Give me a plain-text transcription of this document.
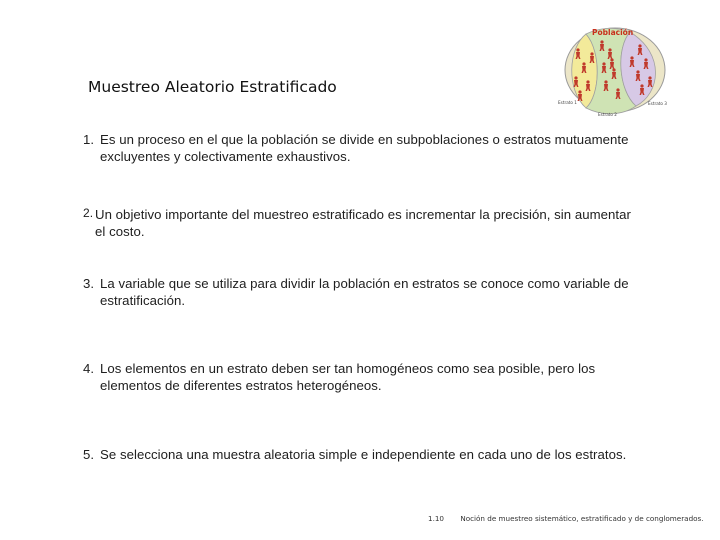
Muestreo Aleatorio Estratificado
Población
Estrato 1
Estrato 2
Estrato 3
1. Es un proceso en el que la población se divide en subpoblaciones o estratos mutuamente excluyentes y colectivamente exhaustivos.
2. Un objetivo importante del muestreo estratificado es incrementar la precisión, sin aumentar el costo.
3. La variable que se utiliza para dividir la población en estratos se conoce como variable de estratificación.
4. Los elementos en un estrato deben ser tan homogéneos como sea posible, pero los elementos de diferentes estratos heterogéneos.
5. Se selecciona una muestra aleatoria simple e independiente en cada uno de los estratos.
1.10 Noción de muestreo sistemático, estratificado y de conglomerados.
